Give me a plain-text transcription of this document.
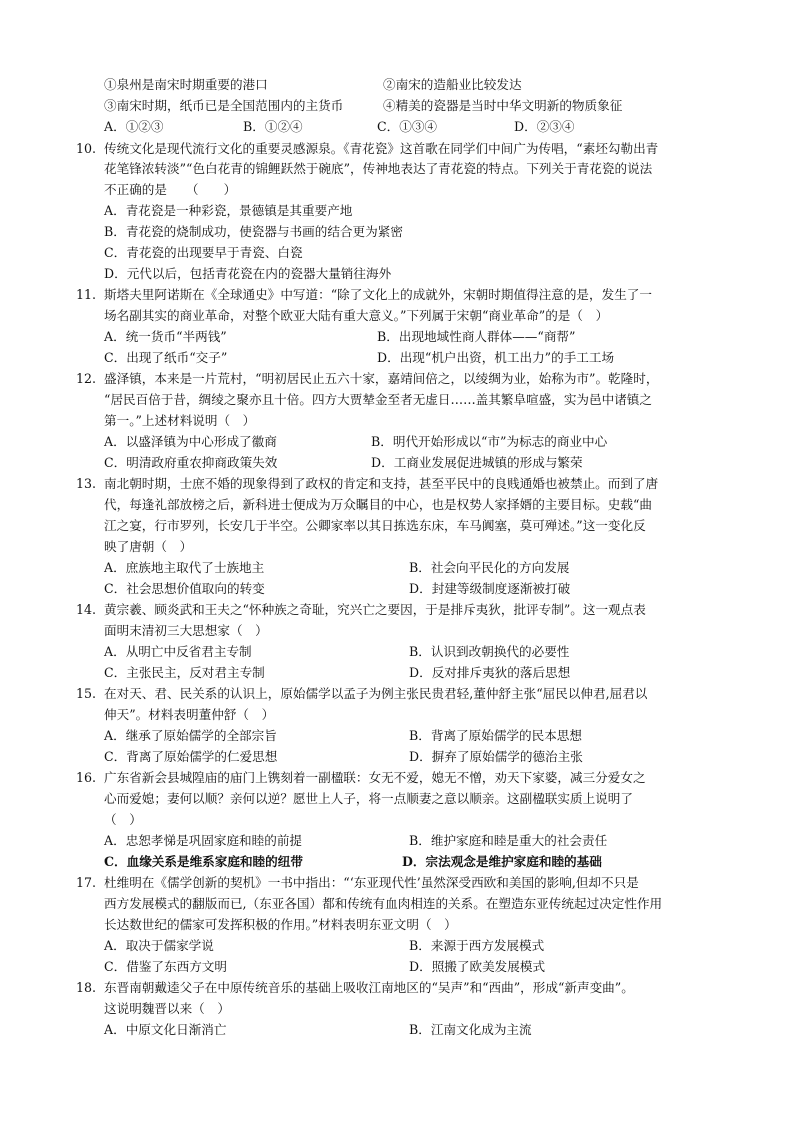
①泉州是南宋时期重要的港口	②南宋的造船业比较发达
③南宋时期，纸币已是全国范围内的主货币	④精美的瓷器是当时中华文明新的物质象征
A．①②③	B．①②④	C．①③④	D．②③④
10. 传统文化是现代流行文化的重要灵感源泉。《青花瓷》这首歌在同学们中间广为传唱，“素坯勾勒出青
花笔锋浓转淡”“色白花青的锦鲤跃然于碗底”，传神地表达了青花瓷的特点。下列关于青花瓷的说法
不正确的是　　（　　）
A．青花瓷是一种彩瓷，景德镇是其重要产地
B．青花瓷的烧制成功，使瓷器与书画的结合更为紧密
C．青花瓷的出现要早于青瓷、白瓷
D．元代以后，包括青花瓷在内的瓷器大量销往海外
11. 斯塔夫里阿诺斯在《全球通史》中写道：“除了文化上的成就外，宋朝时期值得注意的是，发生了一
场名副其实的商业革命，对整个欧亚大陆有重大意义。”下列属于宋朝“商业革命”的是（　）
A．统一货币“半两钱”	B．出现地域性商人群体——“商帮”
C．出现了纸币“交子”	D．出现“机户出资，机工出力”的手工工场
12. 盛泽镇，本来是一片荒村，“明初居民止五六十家，嘉靖间倍之，以绫绸为业，始称为市”。乾隆时，
“居民百倍于昔，绸绫之聚亦且十倍。四方大贾辇金至者无虚日……盖其繁阜喧盛，实为邑中诸镇之
第一。”上述材料说明（　）
A．以盛泽镇为中心形成了徽商	B．明代开始形成以“市”为标志的商业中心
C．明清政府重农抑商政策失效	D．工商业发展促进城镇的形成与繁荣
13. 南北朝时期，士庶不婚的现象得到了政权的肯定和支持，甚至平民中的良贱通婚也被禁止。而到了唐
代，每逢礼部放榜之后，新科进士便成为万众瞩目的中心，也是权势人家择婿的主要目标。史载“曲
江之宴，行市罗列，长安几于半空。公卿家率以其日拣选东床，车马阗塞，莫可殚述。”这一变化反
映了唐朝（　）
A．庶族地主取代了士族地主	B．社会向平民化的方向发展
C．社会思想价值取向的转变	D．封建等级制度逐渐被打破
14. 黄宗羲、顾炎武和王夫之“怀种族之奇耻，究兴亡之要因，于是排斥夷狄，批评专制”。这一观点表
面明末清初三大思想家（　）
A．从明亡中反省君主专制	B．认识到改朝换代的必要性
C．主张民主，反对君主专制	D．反对排斥夷狄的落后思想
15. 在对天、君、民关系的认识上，原始儒学以孟子为例主张民贵君轻,董仲舒主张“屈民以伸君,屈君以
伸天”。材料表明董仲舒（　）
A．继承了原始儒学的全部宗旨	B．背离了原始儒学的民本思想
C．背离了原始儒学的仁爱思想	D．摒弃了原始儒学的德治主张
16. 广东省新会县城隍庙的庙门上镌刻着一副楹联：女无不爱，媳无不憎，劝天下家婆，减三分爱女之
心而爱媳；妻何以顺？亲何以逆？愿世上人子，将一点顺妻之意以顺亲。这副楹联实质上说明了
（　）
A．忠恕孝悌是巩固家庭和睦的前提	B．维护家庭和睦是重大的社会责任
C．血缘关系是维系家庭和睦的纽带	D．宗法观念是维护家庭和睦的基础
17. 杜维明在《儒学创新的契机》一书中指出：“‘东亚现代性’虽然深受西欧和美国的影响,但却不只是
西方发展模式的翻版而已,（东亚各国）都和传统有血肉相连的关系。在塑造东亚传统起过决定性作用
长达数世纪的儒家可发挥积极的作用。”材料表明东亚文明（　）
A．取决于儒家学说	B．来源于西方发展模式
C．借鉴了东西方文明	D．照搬了欧美发展模式
18. 东晋南朝戴逵父子在中原传统音乐的基础上吸收江南地区的“吴声”和“西曲”，形成“新声变曲”。
这说明魏晋以来（　）
A．中原文化日渐消亡	B．江南文化成为主流
